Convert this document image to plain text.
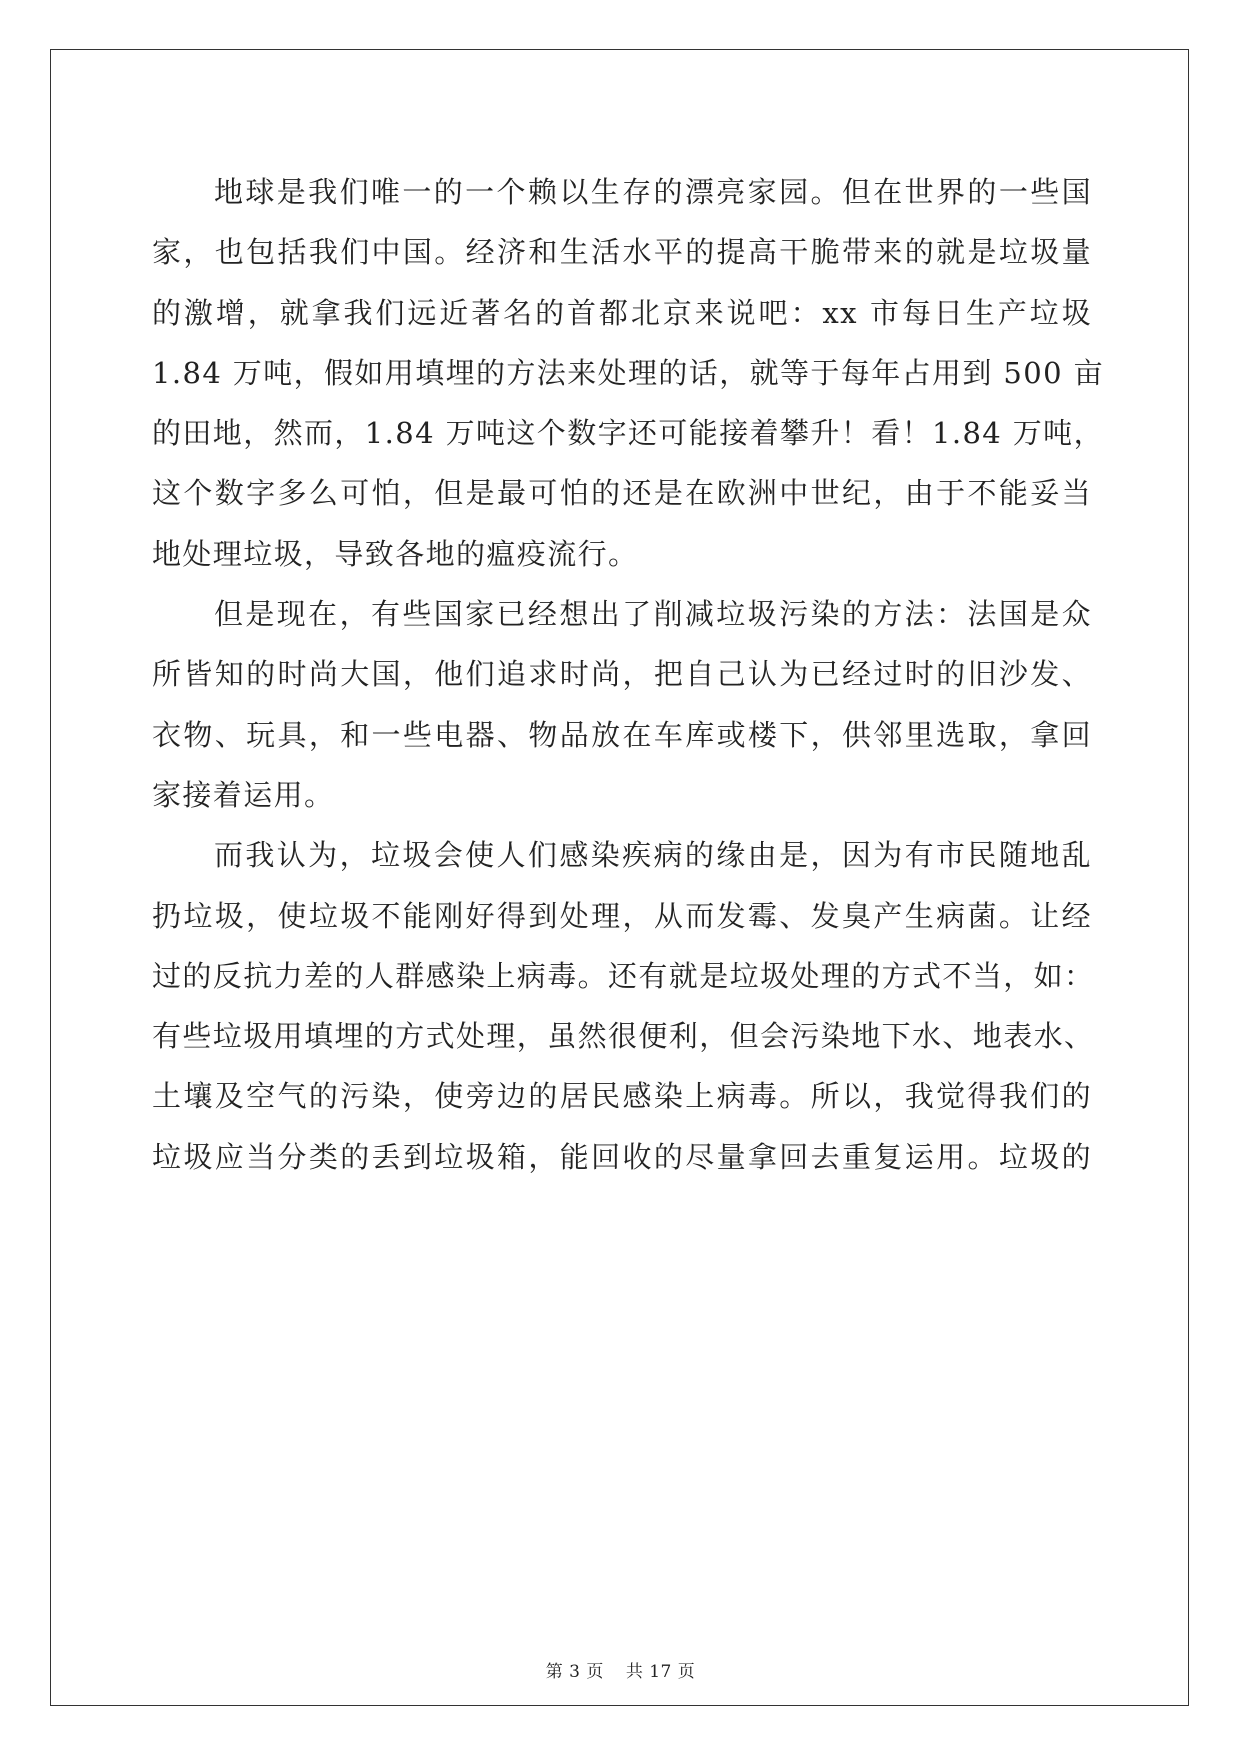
地球是我们唯一的一个赖以生存的漂亮家园。但在世界的一些国
家，也包括我们中国。经济和生活水平的提高干脆带来的就是垃圾量
的激增，就拿我们远近著名的首都北京来说吧：xx 市每日生产垃圾
1.84 万吨，假如用填埋的方法来处理的话，就等于每年占用到 500 亩
的田地，然而，1.84 万吨这个数字还可能接着攀升！看！1.84 万吨，
这个数字多么可怕，但是最可怕的还是在欧洲中世纪，由于不能妥当
地处理垃圾，导致各地的瘟疫流行。
但是现在，有些国家已经想出了削减垃圾污染的方法：法国是众
所皆知的时尚大国，他们追求时尚，把自己认为已经过时的旧沙发、
衣物、玩具，和一些电器、物品放在车库或楼下，供邻里选取，拿回
家接着运用。
而我认为，垃圾会使人们感染疾病的缘由是，因为有市民随地乱
扔垃圾，使垃圾不能刚好得到处理，从而发霉、发臭产生病菌。让经
过的反抗力差的人群感染上病毒。还有就是垃圾处理的方式不当，如：
有些垃圾用填埋的方式处理，虽然很便利，但会污染地下水、地表水、
土壤及空气的污染，使旁边的居民感染上病毒。所以，我觉得我们的
垃圾应当分类的丢到垃圾箱，能回收的尽量拿回去重复运用。垃圾的
第 3 页 共 17 页
